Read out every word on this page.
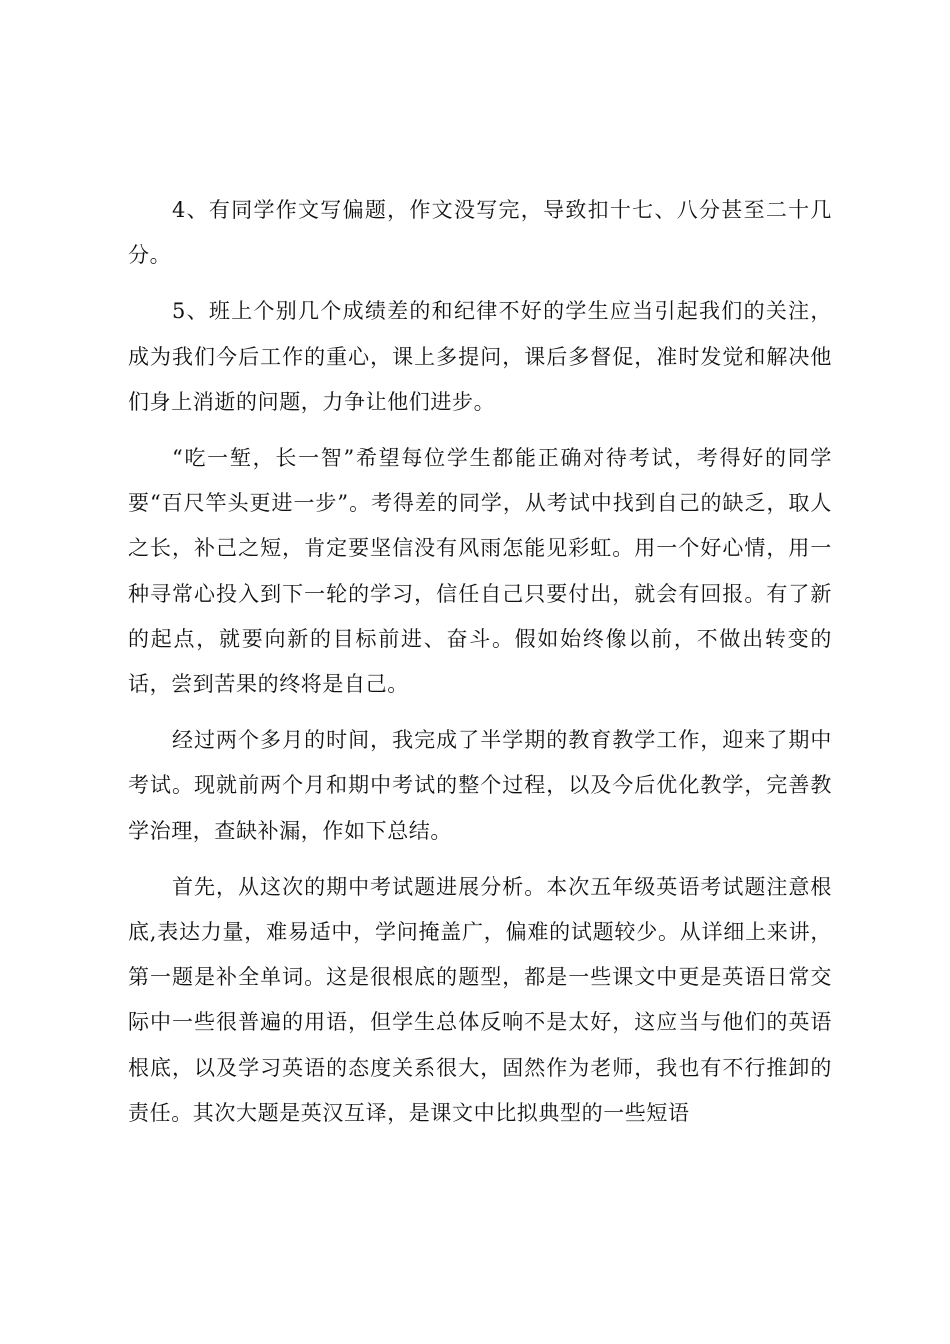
4、有同学作文写偏题，作文没写完，导致扣十七、八分甚至二十几分。

5、班上个别几个成绩差的和纪律不好的学生应当引起我们的关注，成为我们今后工作的重心，课上多提问，课后多督促，准时发觉和解决他们身上消逝的问题，力争让他们进步。

“吃一堑，长一智”希望每位学生都能正确对待考试，考得好的同学要“百尺竿头更进一步”。考得差的同学，从考试中找到自己的缺乏，取人之长，补己之短，肯定要坚信没有风雨怎能见彩虹。用一个好心情，用一种寻常心投入到下一轮的学习，信任自己只要付出，就会有回报。有了新的起点，就要向新的目标前进、奋斗。假如始终像以前，不做出转变的话，尝到苦果的终将是自己。

经过两个多月的时间，我完成了半学期的教育教学工作，迎来了期中考试。现就前两个月和期中考试的整个过程，以及今后优化教学，完善教学治理，查缺补漏，作如下总结。

首先，从这次的期中考试题进展分析。本次五年级英语考试题注意根底,表达力量，难易适中，学问掩盖广，偏难的试题较少。从详细上来讲，第一题是补全单词。这是很根底的题型，都是一些课文中更是英语日常交际中一些很普遍的用语，但学生总体反响不是太好，这应当与他们的英语根底，以及学习英语的态度关系很大，固然作为老师，我也有不行推卸的责任。其次大题是英汉互译，是课文中比拟典型的一些短语
